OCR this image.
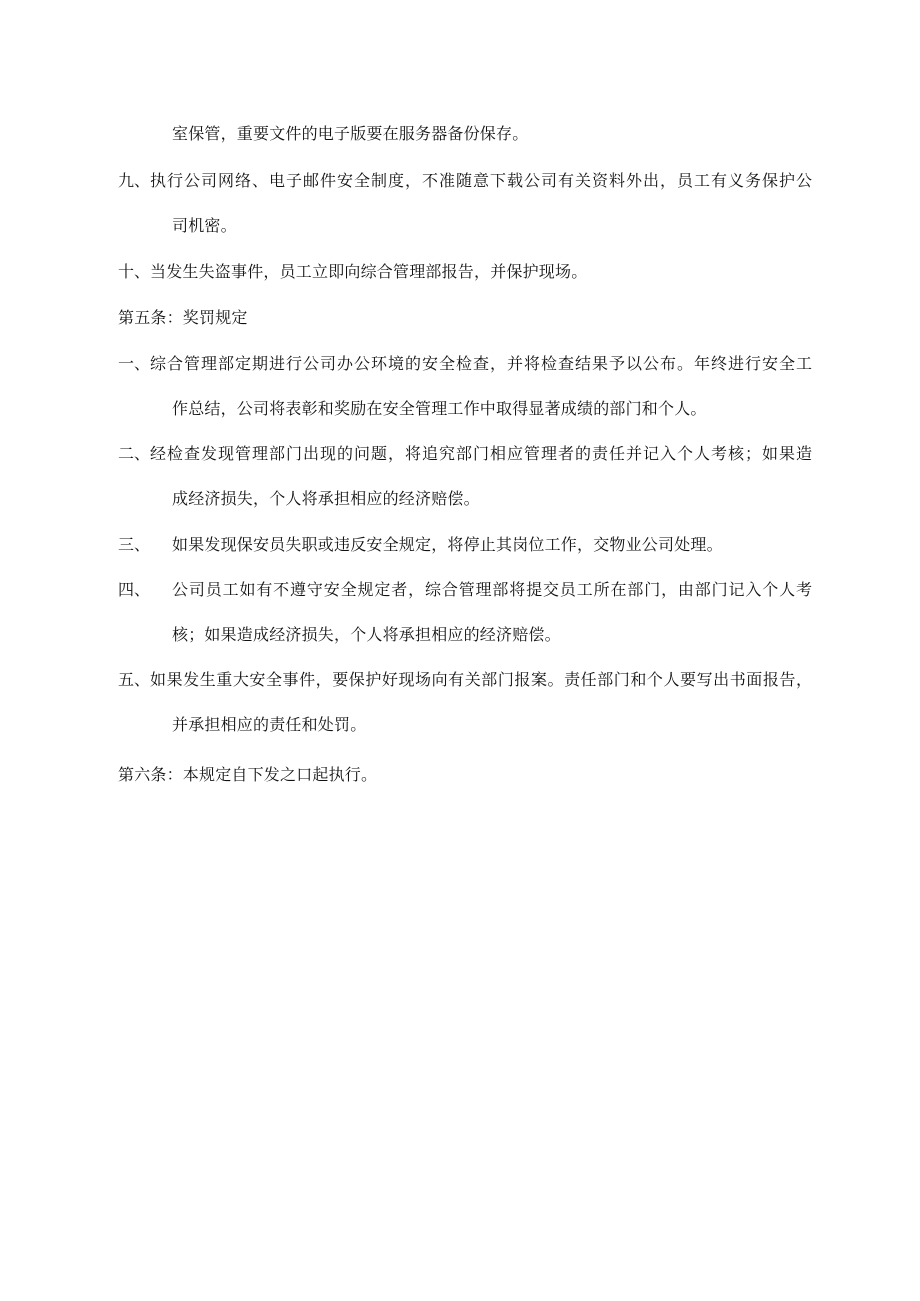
室保管，重要文件的电子版要在服务器备份保存。
九、 执行公司网络、电子邮件安全制度，不准随意下载公司有关资料外出，员工有义务保护公
司机密。
十、 当发生失盗事件，员工立即向综合管理部报告，并保护现场。
第五条：奖罚规定
一、 综合管理部定期进行公司办公环境的安全检查，并将检查结果予以公布。年终进行安全工
作总结，公司将表彰和奖励在安全管理工作中取得显著成绩的部门和个人。
二、 经检查发现管理部门出现的问题，将追究部门相应管理者的责任并记入个人考核；如果造
成经济损失，个人将承担相应的经济赔偿。
三、 如果发现保安员失职或违反安全规定，将停止其岗位工作，交物业公司处理。
四、 公司员工如有不遵守安全规定者，综合管理部将提交员工所在部门，由部门记入个人考
核；如果造成经济损失，个人将承担相应的经济赔偿。
五、 如果发生重大安全事件，要保护好现场向有关部门报案。责任部门和个人要写出书面报告，
并承担相应的责任和处罚。
第六条：本规定自下发之口起执行。
